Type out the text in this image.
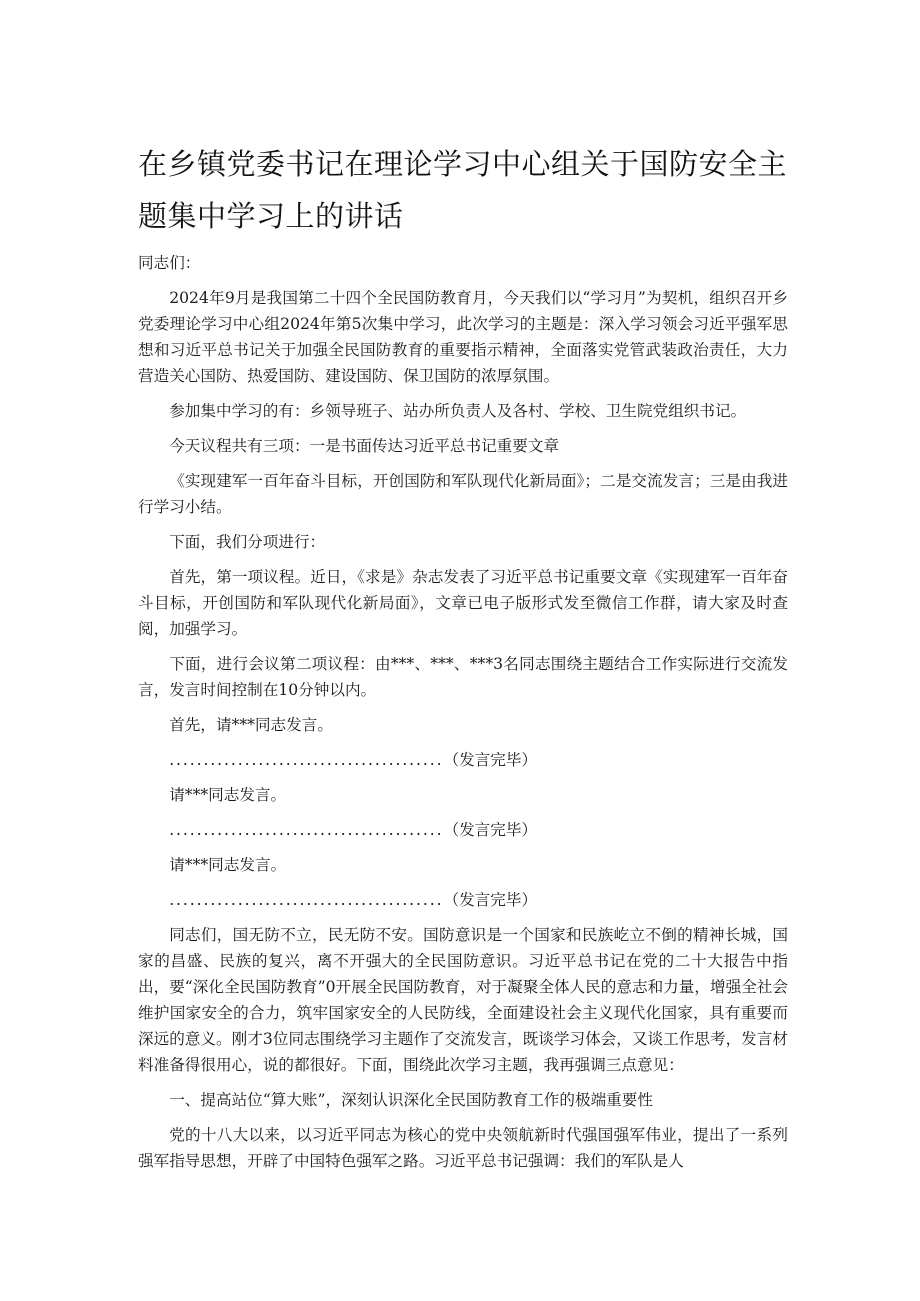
在乡镇党委书记在理论学习中心组关于国防安全主题集中学习上的讲话

同志们：

2024年9月是我国第二十四个全民国防教育月，今天我们以“学习月”为契机，组织召开乡党委理论学习中心组2024年第5次集中学习，此次学习的主题是：深入学习领会习近平强军思想和习近平总书记关于加强全民国防教育的重要指示精神，全面落实党管武装政治责任，大力营造关心国防、热爱国防、建设国防、保卫国防的浓厚氛围。

参加集中学习的有：乡领导班子、站办所负责人及各村、学校、卫生院党组织书记。

今天议程共有三项：一是书面传达习近平总书记重要文章

《实现建军一百年奋斗目标，开创国防和军队现代化新局面》；二是交流发言；三是由我进行学习小结。

下面，我们分项进行：

首先，第一项议程。近日，《求是》杂志发表了习近平总书记重要文章《实现建军一百年奋斗目标，开创国防和军队现代化新局面》，文章已电子版形式发至微信工作群，请大家及时查阅，加强学习。

下面，进行会议第二项议程：由***、***、***3名同志围绕主题结合工作实际进行交流发言，发言时间控制在10分钟以内。

首先，请***同志发言。

........................................（发言完毕）

请***同志发言。

........................................（发言完毕）

请***同志发言。

........................................（发言完毕）

同志们，国无防不立，民无防不安。国防意识是一个国家和民族屹立不倒的精神长城，国家的昌盛、民族的复兴，离不开强大的全民国防意识。习近平总书记在党的二十大报告中指出，要“深化全民国防教育”0开展全民国防教育，对于凝聚全体人民的意志和力量，增强全社会维护国家安全的合力，筑牢国家安全的人民防线，全面建设社会主义现代化国家，具有重要而深远的意义。刚才3位同志围绕学习主题作了交流发言，既谈学习体会，又谈工作思考，发言材料准备得很用心，说的都很好。下面，围绕此次学习主题，我再强调三点意见：

一、提高站位“算大账”，深刻认识深化全民国防教育工作的极端重要性

党的十八大以来，以习近平同志为核心的党中央领航新时代强国强军伟业，提出了一系列强军指导思想，开辟了中国特色强军之路。习近平总书记强调：我们的军队是人
